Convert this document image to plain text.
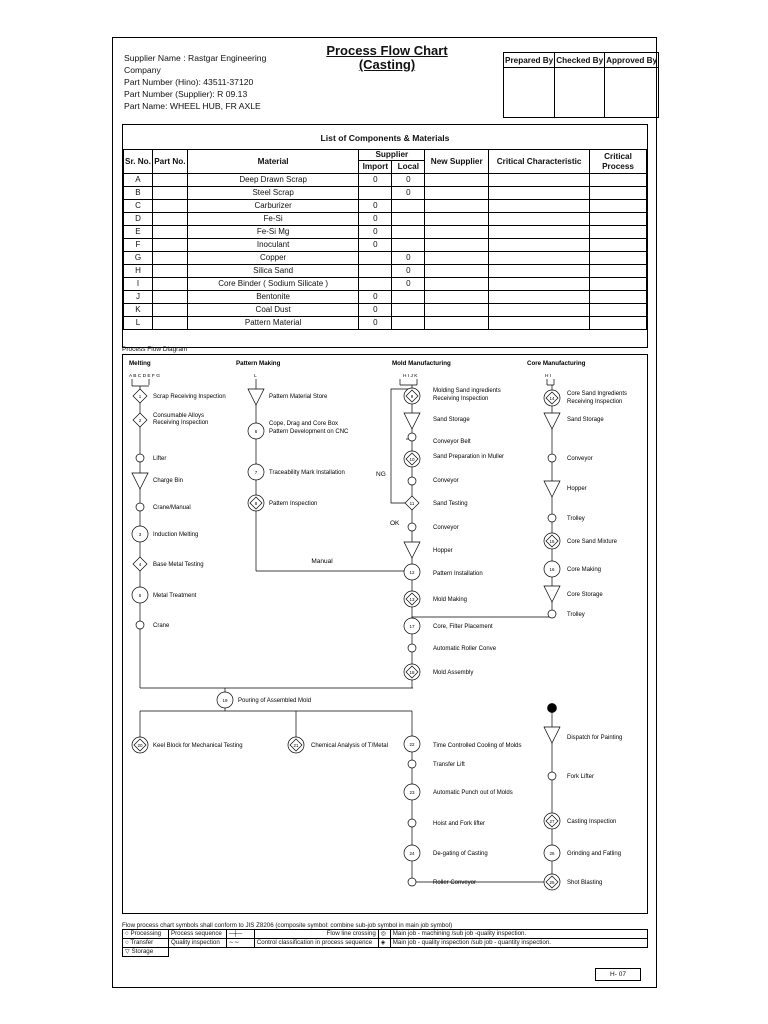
Supplier Name : Rastgar Engineering
Company
Part Number (Hino): 43511-37120
Part Number (Supplier): R 09.13
Part Name: WHEEL HUB, FR AXLE
Process Flow Chart
(Casting)	Prepared By	Checked By	Approved By

List of Components & Materials
Sr. No.	Part No.	Material	Supplier		New Supplier	Critical Characteristic	Critical Process
			Import	Local			
A		Deep Drawn Scrap	0	0			
B		Steel Scrap		0			
C		Carburizer	0				
D		Fe-Si	0				
E		Fe-Si Mg	0				
F		Inoculant	0				
G		Copper		0			
H		Silica Sand		0			
I		Core Binder ( Sodium Silicate )		0			
J		Bentonite	0				
K		Coal Dust	0				
L		Pattern Material	0				
Process Flow Diagram
Melting	Pattern Making	Mold Manufacturing	Core Manufacturing
A B C D E F G	L	H I J K	H I
1 Scrap Receiving Inspection
2
Consumable Alloys
Receiving Inspection
Lifter
Charge Bin
Crane/Manual
3 Induction Melting
4 Base Metal Testing
5 Metal Treatment
Crane
Pattern Material Store
6
Cope, Drag and Core Box
Pattern Development on CNC
7 Traceability Mark Installation
8 Pattern Inspection
Manual
9
Molding Sand ingredients
Receiving Inspection
Sand Storage
Conveyor Belt
10	Sand Preparation in Muller
Conveyor
NG
11	Sand Testing
OK
Conveyor
Hopper
12	Pattern Installation
13	Mold Making
17	Core, Filter Placement
Automatic Roller Conve
18	Mold Assembly
14
Core Sand Ingredients
Receiving Inspection
Sand Storage
Conveyor
Hopper
Trolley
15 Core Sand Mixture
16 Core Making
Core Storage
Trolley
19 Pouring of Assembled Mold
20 Keel Block for Mechanical Testing	21 Chemical Analysis of T/Metal	22	Time Controlled Cooling of Molds
Transfer Lift
23	Automatic Punch out of Molds
Hoist and Fork lifter
24	De-gating of Casting
Roller Conveyor
Dispatch for Painting
Fork Lifter
27 Casting Inspection
26 Grinding and Fatling
25 Shot Blasting
Flow process chart symbols shall conform to JIS Z8206 (composite symbol: combine sub-job symbol in main job symbol)
○ Processing	Process sequence	─┼─	Flow line crossing	◎	Main job - machining /sub job -quality inspection.
○ Transfer	Quality inspection	∼∼	Control classification in process sequence	◈	Main job - quality inspection /sub job - quantity inspection.
▽ Storage					
H- 07
